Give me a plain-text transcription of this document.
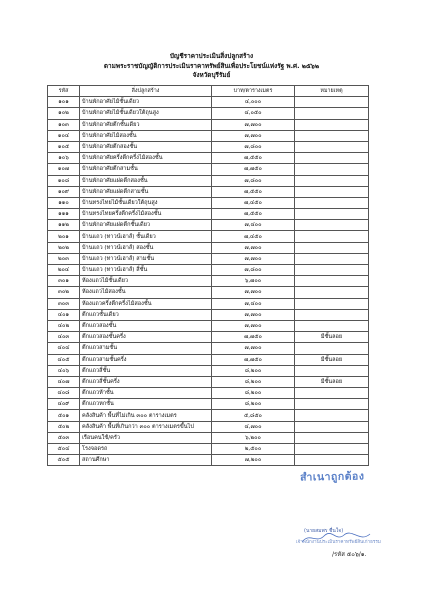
บัญชีราคาประเมินสิ่งปลูกสร้าง
ตามพระราชบัญญัติการประเมินราคาทรัพย์สินเพื่อประโยชน์แห่งรัฐ พ.ศ. ๒๕๖๒
จังหวัดบุรีรัมย์
รหัส	สิ่งปลูกสร้าง	บาท/ตารางเมตร	หมายเหตุ
๑๐๑	บ้านพักอาศัยไม้ชั้นเดียว	๔,๐๐๐	
๑๐๒	บ้านพักอาศัยไม้ชั้นเดียวใต้ถุนสูง	๔,๐๕๐	
๑๐๓	บ้านพักอาศัยตึกชั้นเดียว	๗,๗๐๐	
๑๐๔	บ้านพักอาศัยไม้สองชั้น	๗,๗๐๐	
๑๐๕	บ้านพักอาศัยตึกสองชั้น	๗,๘๐๐	
๑๐๖	บ้านพักอาศัยครึ่งตึกครึ่งไม้สองชั้น	๗,๕๕๐	
๑๐๗	บ้านพักอาศัยตึกสามชั้น	๗,๗๕๐	
๑๐๘	บ้านพักอาศัยแฝดตึกสองชั้น	๗,๘๐๐	
๑๐๙	บ้านพักอาศัยแฝดตึกสามชั้น	๗,๕๕๐	
๑๑๐	บ้านทรงไทยไม้ชั้นเดียวใต้ถุนสูง	๗,๔๕๐	
๑๑๑	บ้านทรงไทยครึ่งตึกครึ่งไม้สองชั้น	๗,๕๕๐	
๑๑๒	บ้านพักอาศัยแฝดตึกชั้นเดียว	๗,๔๐๐	
๒๐๑	บ้านแถว (ทาวน์เฮาส์) ชั้นเดียว	๗,๔๕๐	
๒๐๒	บ้านแถว (ทาวน์เฮาส์) สองชั้น	๗,๗๐๐	
๒๐๓	บ้านแถว (ทาวน์เฮาส์) สามชั้น	๗,๗๐๐	
๒๐๔	บ้านแถว (ทาวน์เฮาส์) สี่ชั้น	๗,๘๐๐	
๓๐๑	ห้องแถวไม้ชั้นเดียว	๖,๗๐๐	
๓๐๒	ห้องแถวไม้สองชั้น	๗,๗๐๐	
๓๐๓	ห้องแถวครึ่งตึกครึ่งไม้สองชั้น	๗,๔๐๐	
๔๐๑	ตึกแถวชั้นเดียว	๗,๗๐๐	
๔๐๒	ตึกแถวสองชั้น	๗,๗๐๐	
๔๐๓	ตึกแถวสองชั้นครึ่ง	๗,๗๕๐	มีชั้นลอย
๔๐๔	ตึกแถวสามชั้น	๗,๗๐๐	
๔๐๕	ตึกแถวสามชั้นครึ่ง	๗,๗๕๐	มีชั้นลอย
๔๐๖	ตึกแถวสี่ชั้น	๘,๒๐๐	
๔๐๗	ตึกแถวสี่ชั้นครึ่ง	๘,๒๐๐	มีชั้นลอย
๔๐๘	ตึกแถวห้าชั้น	๘,๒๐๐	
๔๐๙	ตึกแถวหกชั้น	๘,๒๐๐	
๕๐๑	คลังสินค้า พื้นที่ไม่เกิน ๓๐๐ ตารางเมตร	๕,๘๕๐	
๕๐๒	คลังสินค้า พื้นที่เกินกว่า ๓๐๐ ตารางเมตรขึ้นไป	๔,๗๐๐	
๕๐๓	เรือนคนใช้/ครัว	๖,๒๐๐	
๕๐๔	โรงจอดรถ	๒,๕๐๐	
๕๐๕	สถานศึกษา	๗,๒๐๐	
สำเนาถูกต้อง
(นายสมพร ชื่นใจ)
เจ้าพนักงานประเมินราคาทรัพย์สินเก่าธรรม
/รหัส ๕๐๖/๑.
